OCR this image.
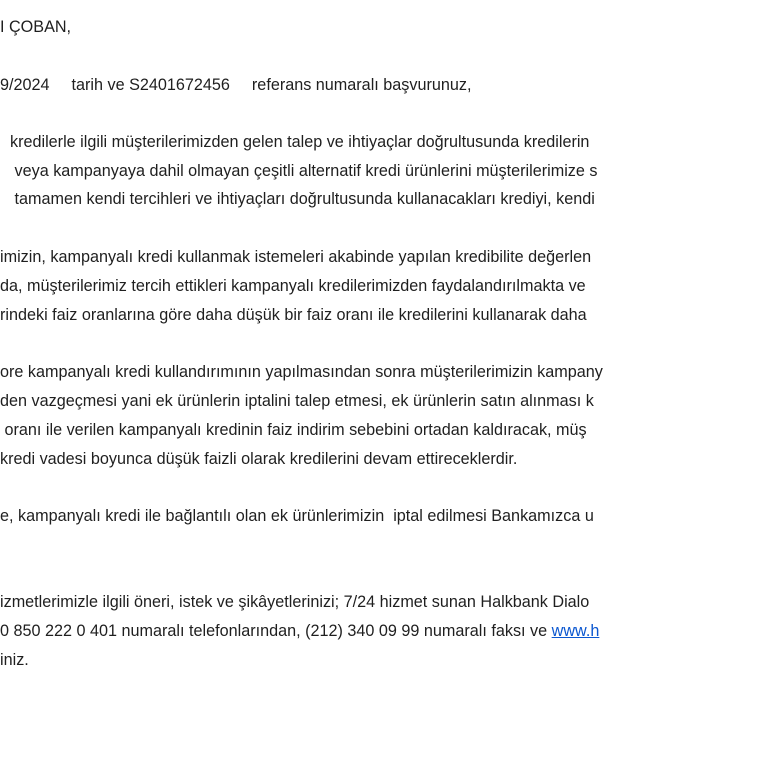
I ÇOBAN,
9/2024 tarih ve S2401672456 referans numaralı başvurunuz,
kredilerle ilgili müşterilerimizden gelen talep ve ihtiyaçlar doğrultusunda kredilerin
veya kampanyaya dahil olmayan çeşitli alternatif kredi ürünlerini müşterilerimize s
tamamen kendi tercihleri ve ihtiyaçları doğrultusunda kullanacakları krediyi, kendi
imizin, kampanyalı kredi kullanmak istemeleri akabinde yapılan kredibilite değerlen
da, müşterilerimiz tercih ettikleri kampanyalı kredilerimizden faydalandırılmakta ve
rindeki faiz oranlarına göre daha düşük bir faiz oranı ile kredilerini kullanarak daha
ore kampanyalı kredi kullandırımının yapılmasından sonra müşterilerimizin kampany
den vazgeçmesi yani ek ürünlerin iptalini talep etmesi, ek ürünlerin satın alınması k
oranı ile verilen kampanyalı kredinin faiz indirim sebebini ortadan kaldıracak, müş
kredi vadesi boyunca düşük faizli olarak kredilerini devam ettireceklerdir.
e, kampanyalı kredi ile bağlantılı olan ek ürünlerimizin  iptal edilmesi Bankamızca u
izmetlerimizle ilgili öneri, istek ve şikâyetlerinizi; 7/24 hizmet sunan Halkbank Dialo
0 850 222 0 401 numaralı telefonlarından, (212) 340 09 99 numaralı faksı ve www.h
iniz.
